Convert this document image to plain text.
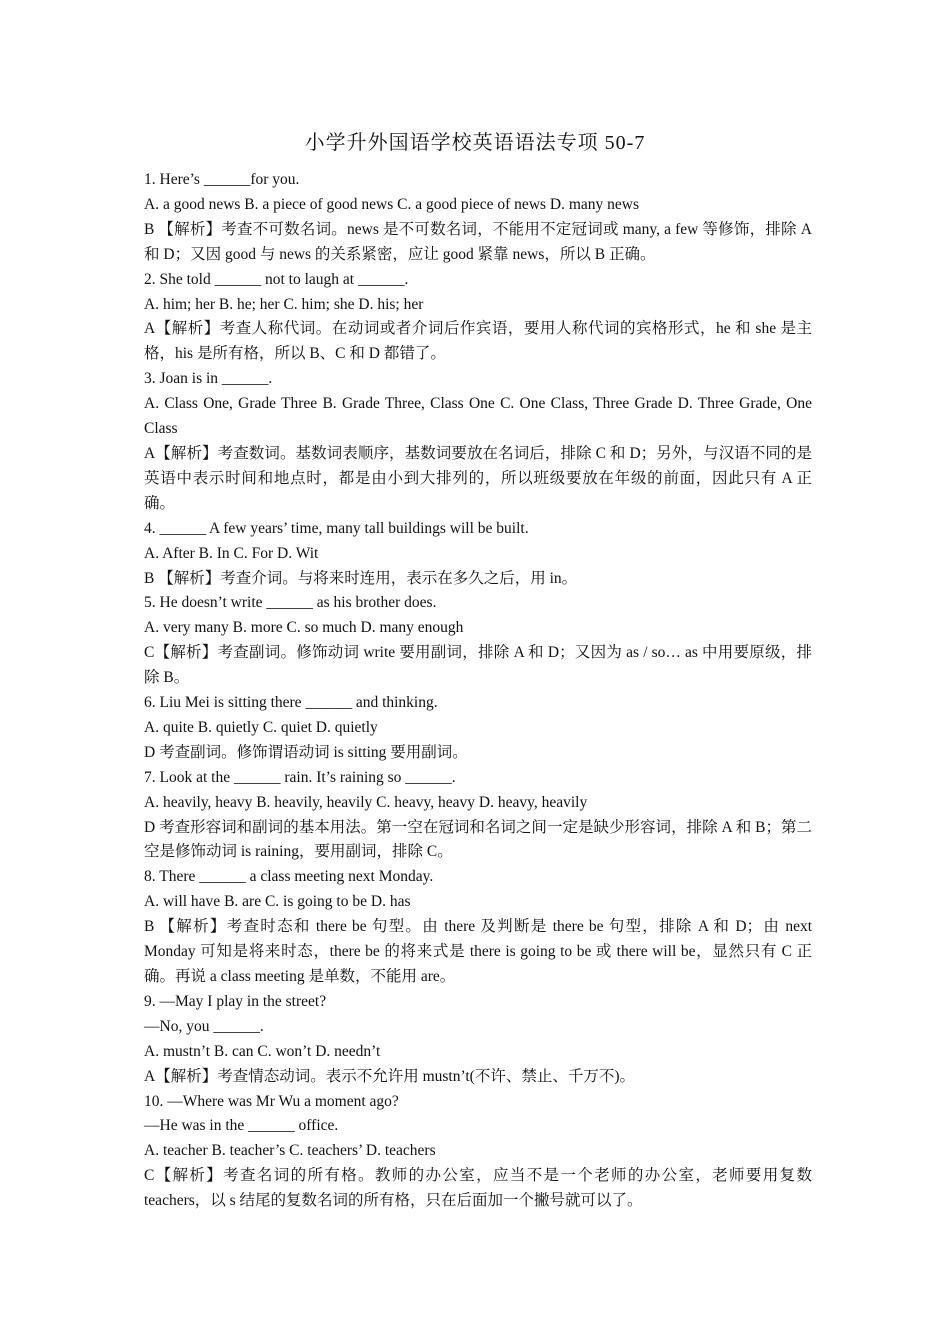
小学升外国语学校英语语法专项 50-7
1. Here’s ______for you.
A. a good news B. a piece of good news C. a good piece of news D. many news
B 【解析】考查不可数名词。news 是不可数名词，不能用不定冠词或 many, a few 等修饰，排除 A 和 D；又因 good 与 news 的关系紧密，应让 good 紧靠 news，所以 B 正确。
2. She told ______ not to laugh at ______.
A. him; her B. he; her C. him; she D. his; her
A【解析】考查人称代词。在动词或者介词后作宾语，要用人称代词的宾格形式，he 和 she 是主格，his 是所有格，所以 B、C 和 D 都错了。
3. Joan is in ______.
A. Class One, Grade Three B. Grade Three, Class One C. One Class, Three Grade D. Three Grade, One Class
A【解析】考查数词。基数词表顺序，基数词要放在名词后，排除 C 和 D；另外，与汉语不同的是英语中表示时间和地点时，都是由小到大排列的，所以班级要放在年级的前面，因此只有 A 正确。
4. ______ A few years’ time, many tall buildings will be built.
A. After B. In C. For D. Wit
B 【解析】考查介词。与将来时连用，表示在多久之后，用 in。
5. He doesn’t write ______ as his brother does.
A. very many B. more C. so much D. many enough
C【解析】考查副词。修饰动词 write 要用副词，排除 A 和 D；又因为 as / so… as 中用要原级，排除 B。
6. Liu Mei is sitting there ______ and thinking.
A. quite B. quietly C. quiet D. quietly
D 考查副词。修饰谓语动词 is sitting 要用副词。
7. Look at the ______ rain. It’s raining so ______.
A. heavily, heavy B. heavily, heavily C. heavy, heavy D. heavy, heavily
D 考查形容词和副词的基本用法。第一空在冠词和名词之间一定是缺少形容词，排除 A 和 B；第二空是修饰动词 is raining，要用副词，排除 C。
8. There ______ a class meeting next Monday.
A. will have B. are C. is going to be D. has
B 【解析】考查时态和 there be 句型。由 there 及判断是 there be 句型，排除 A 和 D；由 next Monday 可知是将来时态，there be 的将来式是 there is going to be 或 there will be，显然只有 C 正确。再说 a class meeting 是单数，不能用 are。
9. —May I play in the street?
—No, you ______.
A. mustn’t B. can C. won’t D. needn’t
A【解析】考查情态动词。表示不允许用 mustn’t(不许、禁止、千万不)。
10. —Where was Mr Wu a moment ago?
—He was in the ______ office.
A. teacher B. teacher’s C. teachers’ D. teachers
C【解析】考查名词的所有格。教师的办公室，应当不是一个老师的办公室，老师要用复数 teachers，以 s 结尾的复数名词的所有格，只在后面加一个撇号就可以了。
